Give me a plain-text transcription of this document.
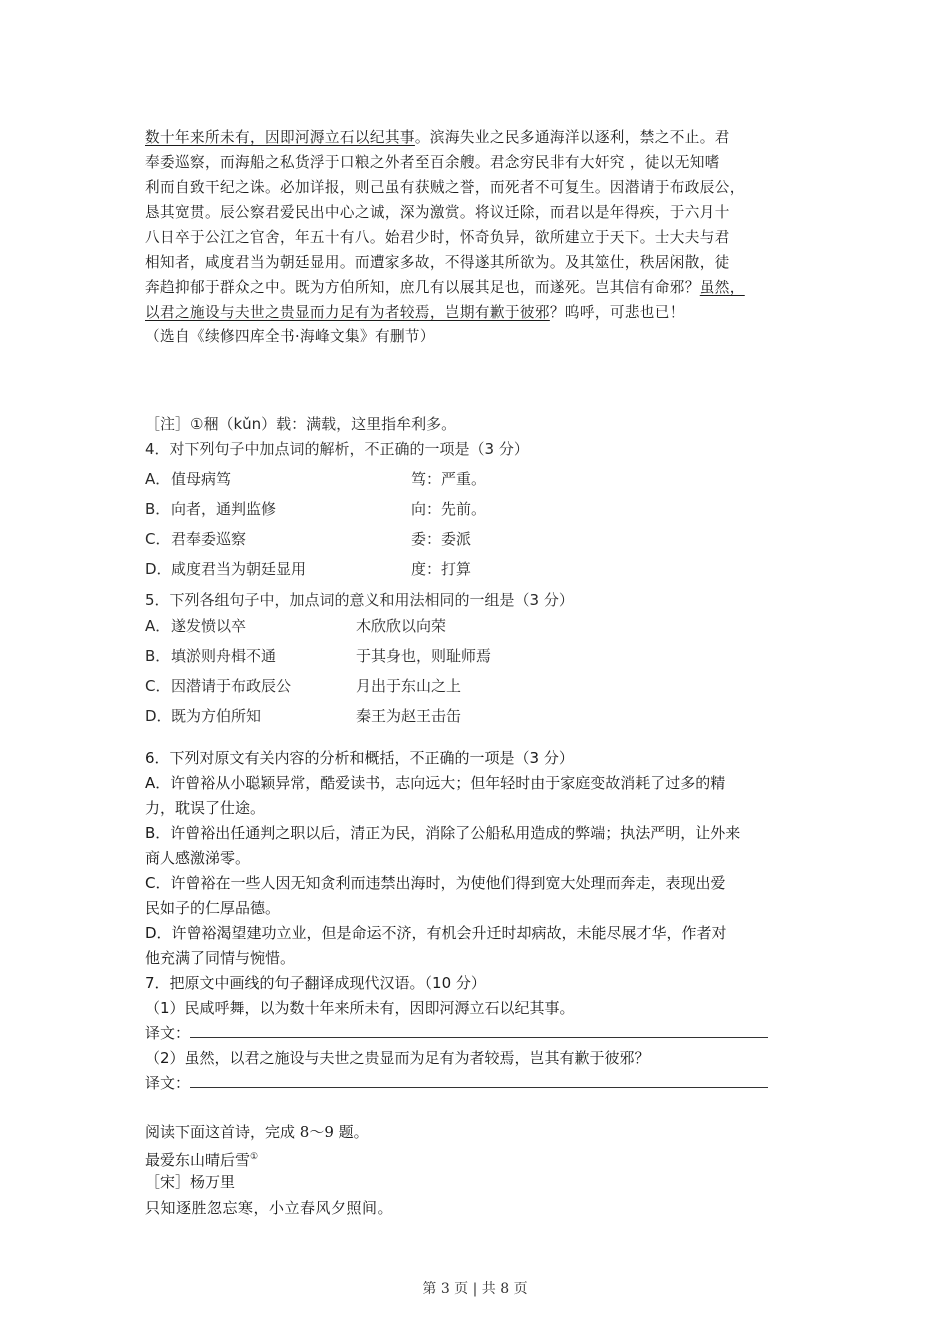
数十年来所未有，因即河溽立石以纪其事。滨海失业之民多通海洋以逐利，禁之不止。君
奉委巡察，而海船之私货浮于口粮之外者至百余艘。君念穷民非有大奸究 ，徒以无知嗜
利而自致干纪之诛。必加详报，则己虽有获贼之誉，而死者不可复生。因潜请于布政辰公，
恳其宽贯。辰公察君爱民出中心之诚，深为激赏。将议迁除，而君以是年得疾，于六月十
八日卒于公江之官舍，年五十有八。始君少时，怀奇负异，欲所建立于天下。士大夫与君
相知者，咸度君当为朝廷显用。而遭家多故，不得遂其所欲为。及其筮仕，秩居闲散，徒
奔趋抑郁于群众之中。既为方伯所知，庶几有以展其足也，而遂死。岂其信有命邪？虽然，
以君之施设与夫世之贵显而力足有为者较焉，岂期有歉于彼邪？呜呼，可悲也已！
（选自《续修四库全书·海峰文集》有删节）
［注］①稇（kǔn）载：满载，这里指牟利多。
4．对下列句子中加点词的解析，不正确的一项是（3 分）
A．值母病笃	笃：严重。
B．向者，通判监修	向：先前。
C．君奉委巡察	委：委派
D．咸度君当为朝廷显用	度：打算
5．下列各组句子中，加点词的意义和用法相同的一组是（3 分）
A．遂发愤以卒	木欣欣以向荣
B．填淤则舟楫不通	于其身也，则耻师焉
C．因潜请于布政辰公	月出于东山之上
D．既为方伯所知	秦王为赵王击缶
6．下列对原文有关内容的分析和概括，不正确的一项是（3 分）
A．许曾裕从小聪颖异常，酷爱读书，志向远大；但年轻时由于家庭变故消耗了过多的精
力，耽误了仕途。
B．许曾裕出任通判之职以后，清正为民，消除了公船私用造成的弊端；执法严明，让外来
商人感激涕零。
C．许曾裕在一些人因无知贪利而违禁出海时，为使他们得到宽大处理而奔走，表现出爱
民如子的仁厚品德。
D．许曾裕渴望建功立业，但是命运不济，有机会升迁时却病故，未能尽展才华，作者对
他充满了同情与惋惜。
7．把原文中画线的句子翻译成现代汉语。（10 分）
（1）民咸呼舞，以为数十年来所未有，因即河溽立石以纪其事。
译文：
（2）虽然，以君之施设与夫世之贵显而为足有为者较焉，岂其有歉于彼邪？
译文：
阅读下面这首诗，完成 8～9 题。
最爱东山晴后雪①
［宋］杨万里
只知逐胜忽忘寒，小立春风夕照间。
第 3 页 | 共 8 页
